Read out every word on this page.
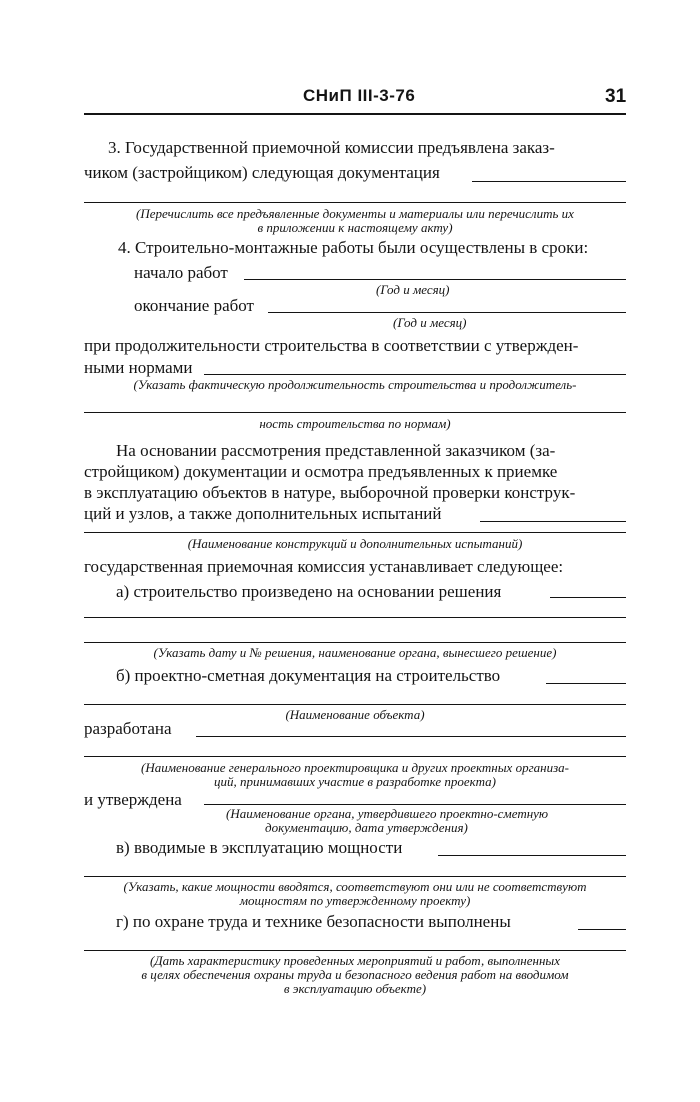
СНиП III-3-76	31
3. Государственной приемочной комиссии предъявлена заказ-
чиком (застройщиком) следующая документация
(Перечислить все предъявленные документы и материалы или перечислить их
в приложении к настоящему акту)
4. Строительно-монтажные работы были осуществлены в сроки:
начало работ
(Год и месяц)
окончание работ
(Год и месяц)
при продолжительности строительства в соответствии с утвержден-
ными нормами
(Указать фактическую продолжительность строительства и продолжитель-
ность строительства по нормам)
На основании рассмотрения представленной заказчиком (за-
стройщиком) документации и осмотра предъявленных к приемке
в эксплуатацию объектов в натуре, выборочной проверки конструк-
ций и узлов, а также дополнительных испытаний
(Наименование конструкций и дополнительных испытаний)
государственная приемочная комиссия устанавливает следующее:
а) строительство произведено на основании решения
(Указать дату и № решения, наименование органа, вынесшего решение)
б) проектно-сметная документация на строительство
(Наименование объекта)
разработана
(Наименование генерального проектировщика и других проектных организа-
ций, принимавших участие в разработке проекта)
и утверждена
(Наименование органа, утвердившего проектно-сметную
документацию, дата утверждения)
в) вводимые в эксплуатацию мощности
(Указать, какие мощности вводятся, соответствуют они или не соответствуют
мощностям по утвержденному проекту)
г) по охране труда и технике безопасности выполнены
(Дать характеристику проведенных мероприятий и работ, выполненных
в целях обеспечения охраны труда и безопасного ведения работ на вводимом
в эксплуатацию объекте)
